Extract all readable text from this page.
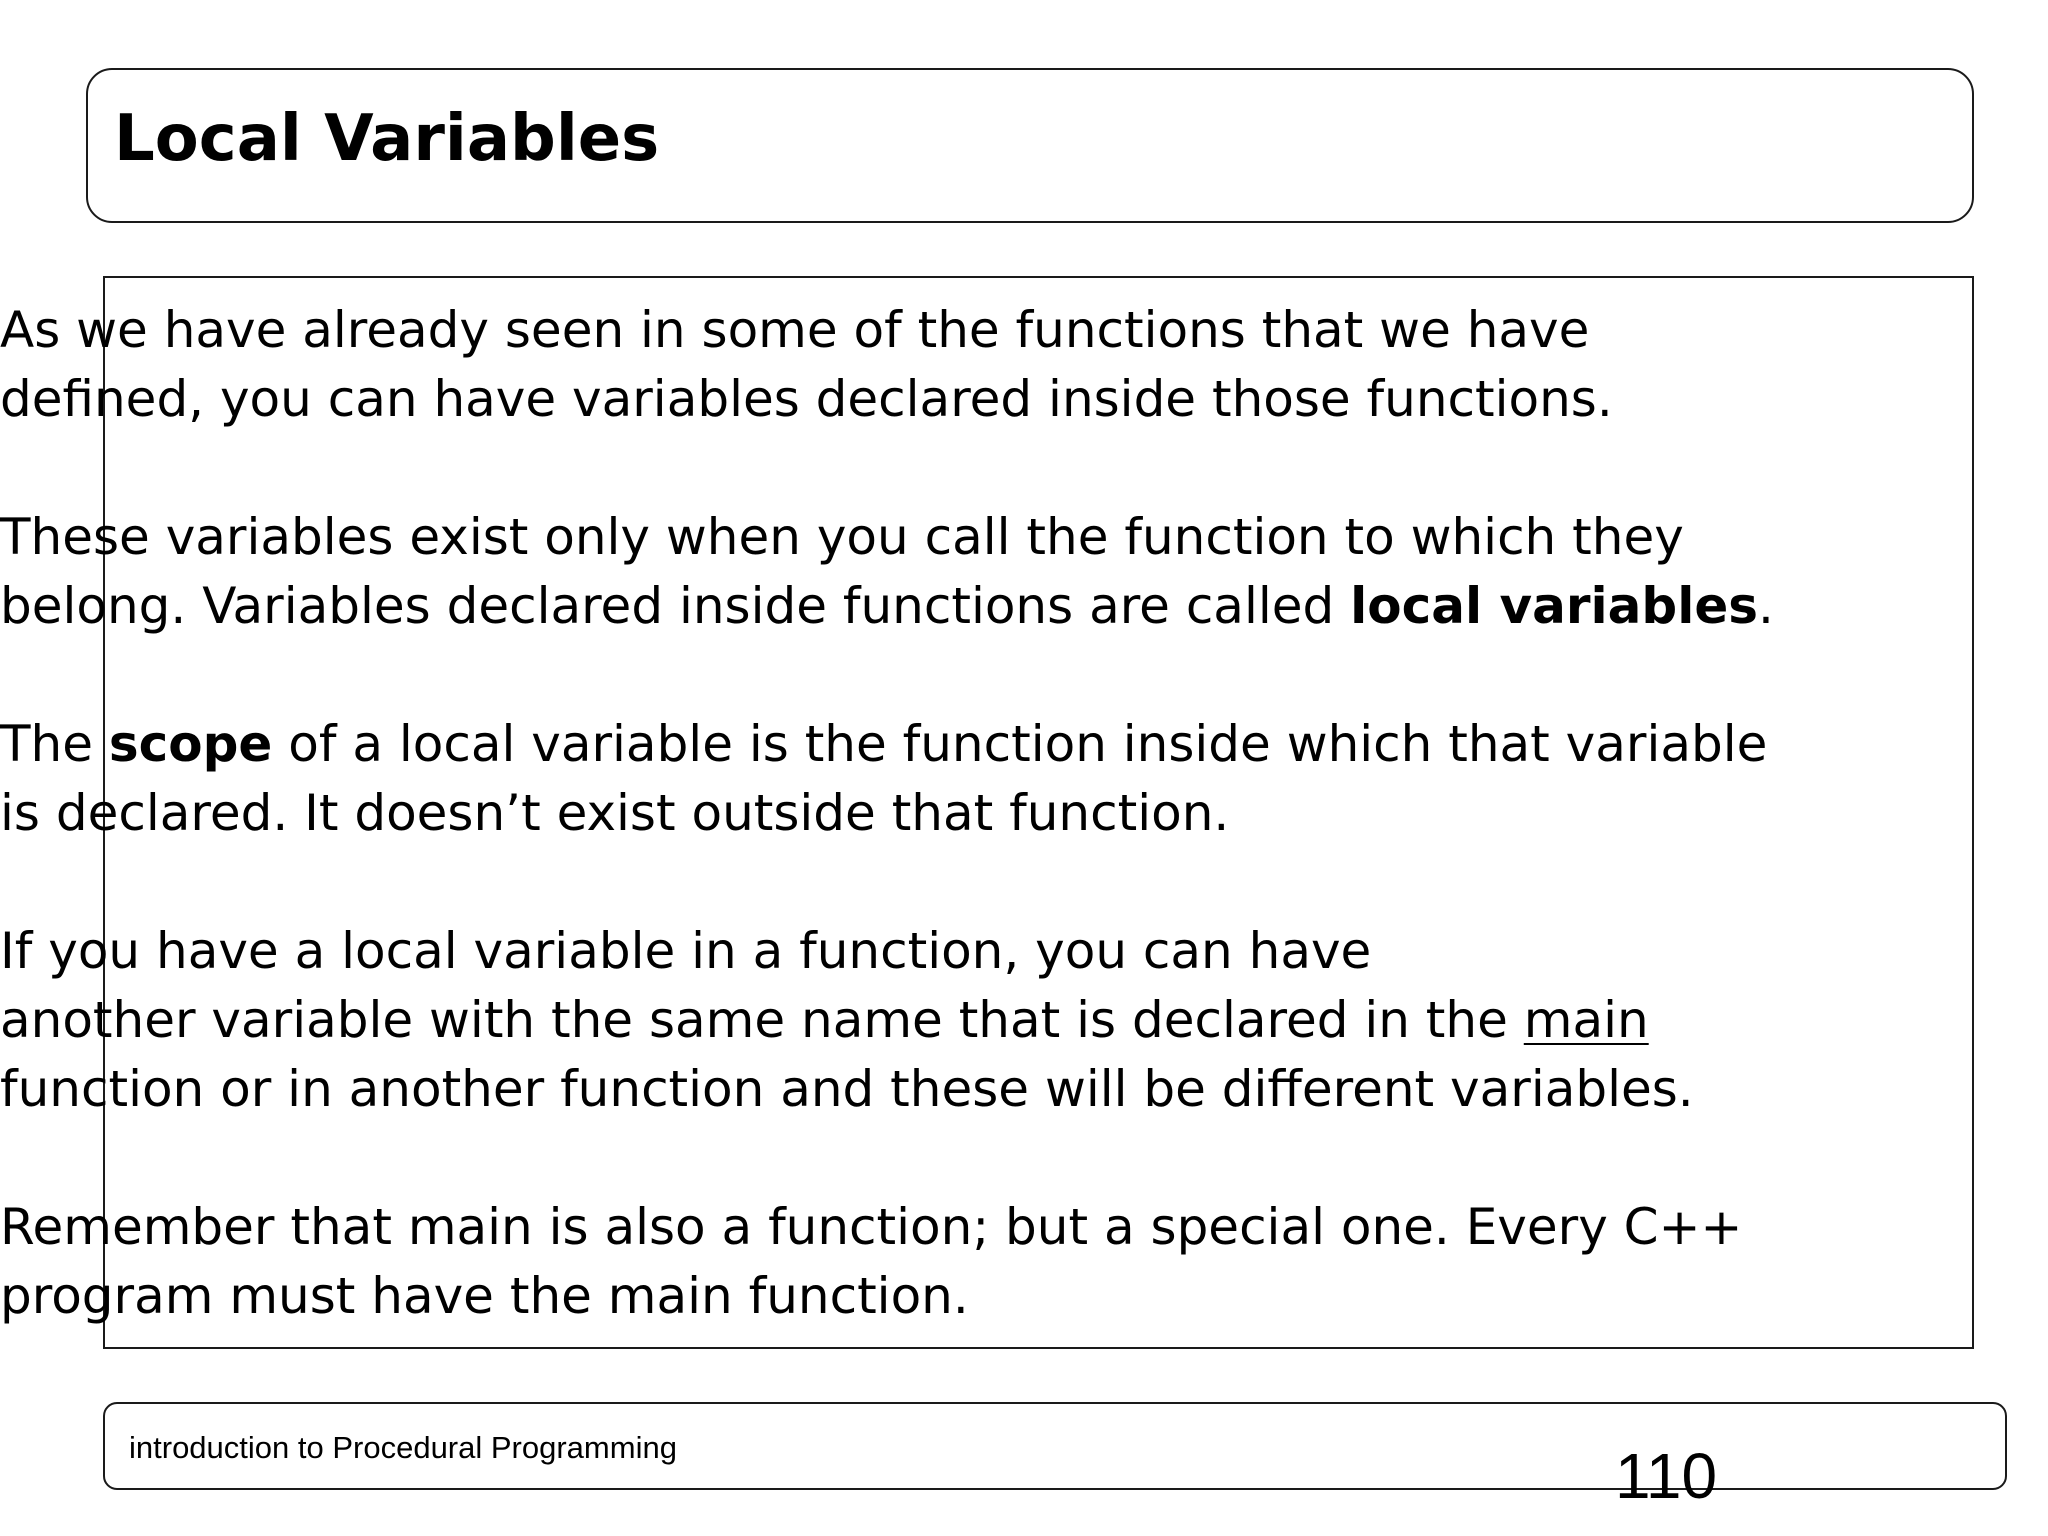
Local Variables

As we have already seen in some of the functions that we have
defined, you can have variables declared inside those functions.

These variables exist only when you call the function to which they
belong. Variables declared inside functions are called local variables.

The scope of a local variable is the function inside which that variable
is declared. It doesn’t exist outside that function.

If you have a local variable in a function, you can have
another variable with the same name that is declared in the main
function or in another function and these will be different variables.

Remember that main is also a function; but a special one. Every C++
program must have the main function.

introduction to Procedural Programming	110
